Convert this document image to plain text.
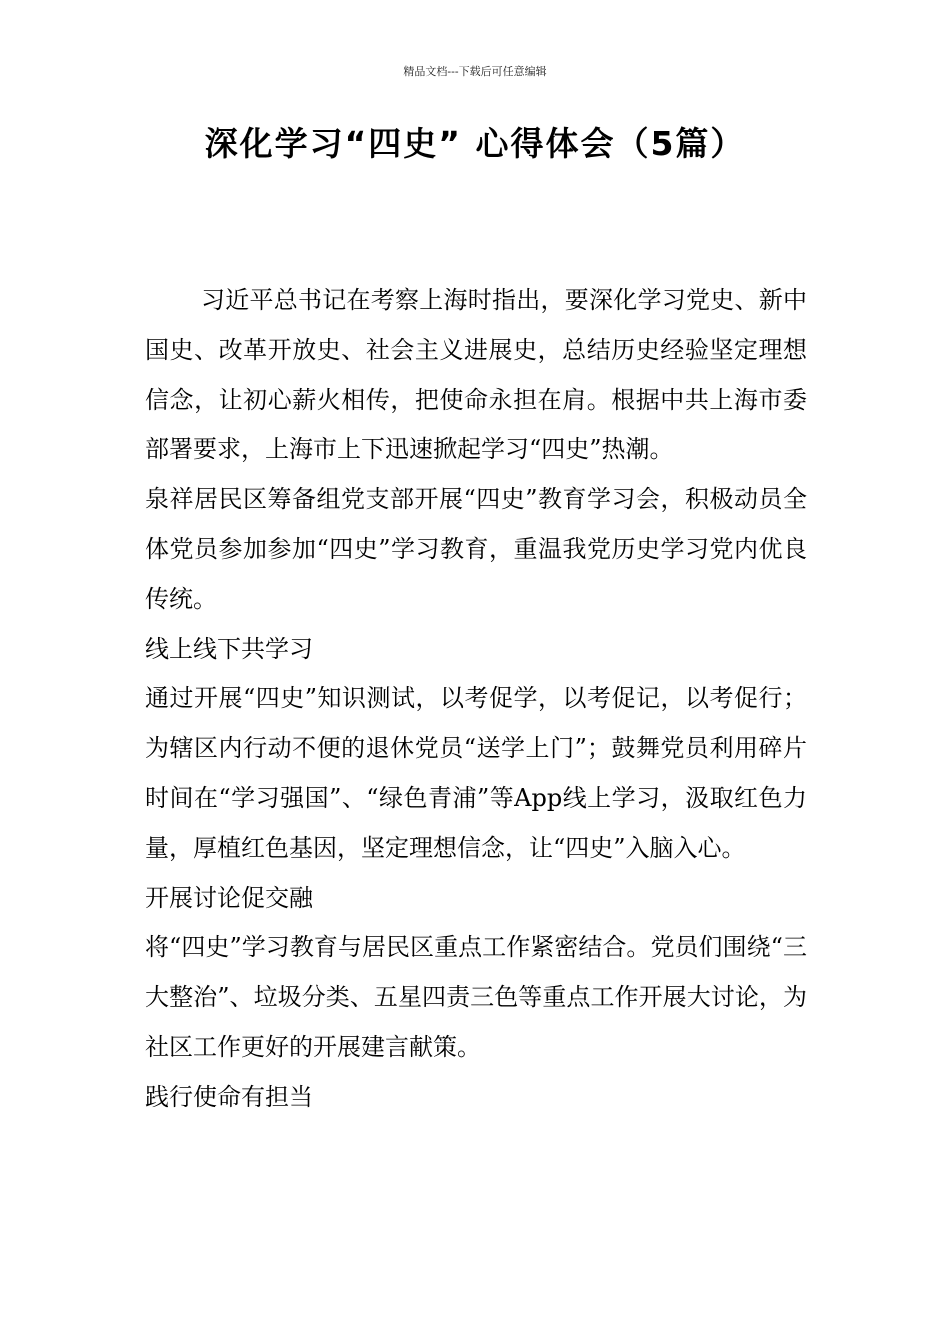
精品文档---下载后可任意编辑
深化学习“四史” 心得体会（5篇）

习近平总书记在考察上海时指出，要深化学习党史、新中国史、改革开放史、社会主义进展史，总结历史经验坚定理想信念，让初心薪火相传，把使命永担在肩。根据中共上海市委部署要求，上海市上下迅速掀起学习“四史”热潮。

泉祥居民区筹备组党支部开展“四史”教育学习会，积极动员全体党员参加参加“四史”学习教育，重温我党历史学习党内优良传统。

线上线下共学习

通过开展“四史”知识测试，以考促学，以考促记，以考促行；为辖区内行动不便的退休党员“送学上门”；鼓舞党员利用碎片时间在“学习强国”、“绿色青浦”等App线上学习，汲取红色力量，厚植红色基因，坚定理想信念，让“四史”入脑入心。

开展讨论促交融

将“四史”学习教育与居民区重点工作紧密结合。党员们围绕“三大整治”、垃圾分类、五星四责三色等重点工作开展大讨论，为社区工作更好的开展建言献策。

践行使命有担当
